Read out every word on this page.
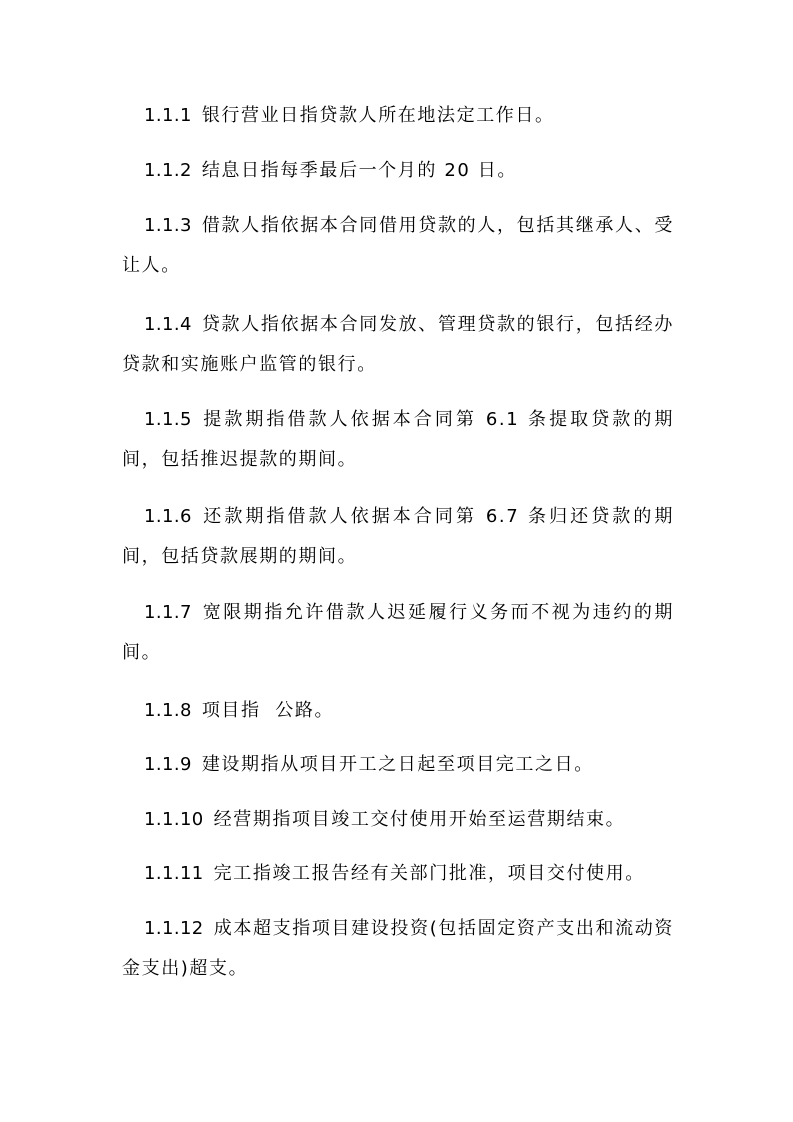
1.1.1 银行营业日指贷款人所在地法定工作日。

1.1.2 结息日指每季最后一个月的 20 日。

1.1.3 借款人指依据本合同借用贷款的人，包括其继承人、受让人。

1.1.4 贷款人指依据本合同发放、管理贷款的银行，包括经办贷款和实施账户监管的银行。

1.1.5 提款期指借款人依据本合同第 6.1 条提取贷款的期间，包括推迟提款的期间。

1.1.6 还款期指借款人依据本合同第 6.7 条归还贷款的期间，包括贷款展期的期间。

1.1.7 宽限期指允许借款人迟延履行义务而不视为违约的期间。

1.1.8 项目指  公路。

1.1.9 建设期指从项目开工之日起至项目完工之日。

1.1.10 经营期指项目竣工交付使用开始至运营期结束。

1.1.11 完工指竣工报告经有关部门批准，项目交付使用。

1.1.12 成本超支指项目建设投资(包括固定资产支出和流动资金支出)超支。
